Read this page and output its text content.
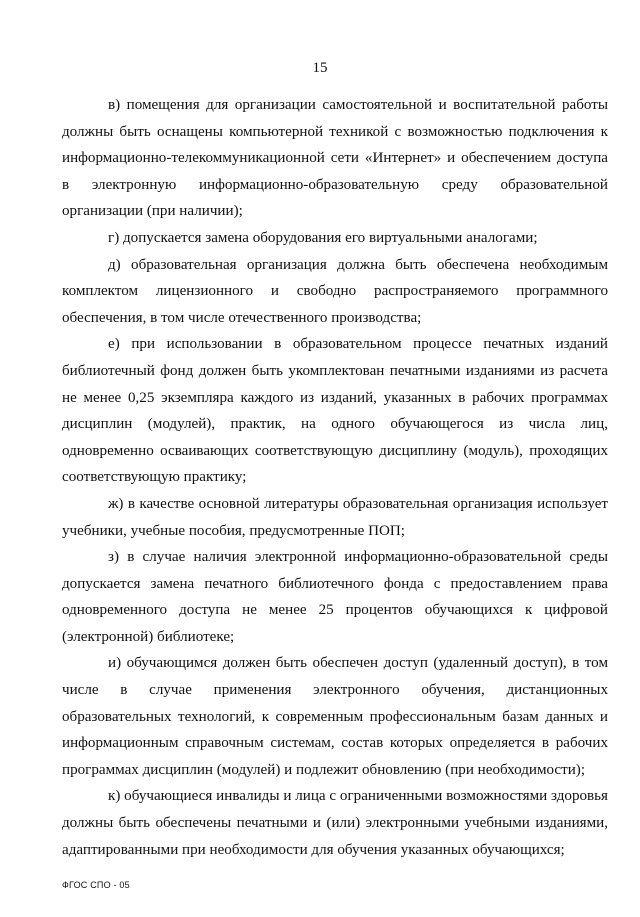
15

в) помещения для организации самостоятельной и воспитательной работы должны быть оснащены компьютерной техникой с возможностью подключения к информационно-телекоммуникационной сети «Интернет» и обеспечением доступа в электронную информационно-образовательную среду образовательной организации (при наличии);

г) допускается замена оборудования его виртуальными аналогами;

д) образовательная организация должна быть обеспечена необходимым комплектом лицензионного и свободно распространяемого программного обеспечения, в том числе отечественного производства;

е) при использовании в образовательном процессе печатных изданий библиотечный фонд должен быть укомплектован печатными изданиями из расчета не менее 0,25 экземпляра каждого из изданий, указанных в рабочих программах дисциплин (модулей), практик, на одного обучающегося из числа лиц, одновременно осваивающих соответствующую дисциплину (модуль), проходящих соответствующую практику;

ж) в качестве основной литературы образовательная организация использует учебники, учебные пособия, предусмотренные ПОП;

з) в случае наличия электронной информационно-образовательной среды допускается замена печатного библиотечного фонда с предоставлением права одновременного доступа не менее 25 процентов обучающихся к цифровой (электронной) библиотеке;

и) обучающимся должен быть обеспечен доступ (удаленный доступ), в том числе в случае применения электронного обучения, дистанционных образовательных технологий, к современным профессиональным базам данных и информационным справочным системам, состав которых определяется в рабочих программах дисциплин (модулей) и подлежит обновлению (при необходимости);

к) обучающиеся инвалиды и лица с ограниченными возможностями здоровья должны быть обеспечены печатными и (или) электронными учебными изданиями, адаптированными при необходимости для обучения указанных обучающихся;

ФГОС СПО - 05
